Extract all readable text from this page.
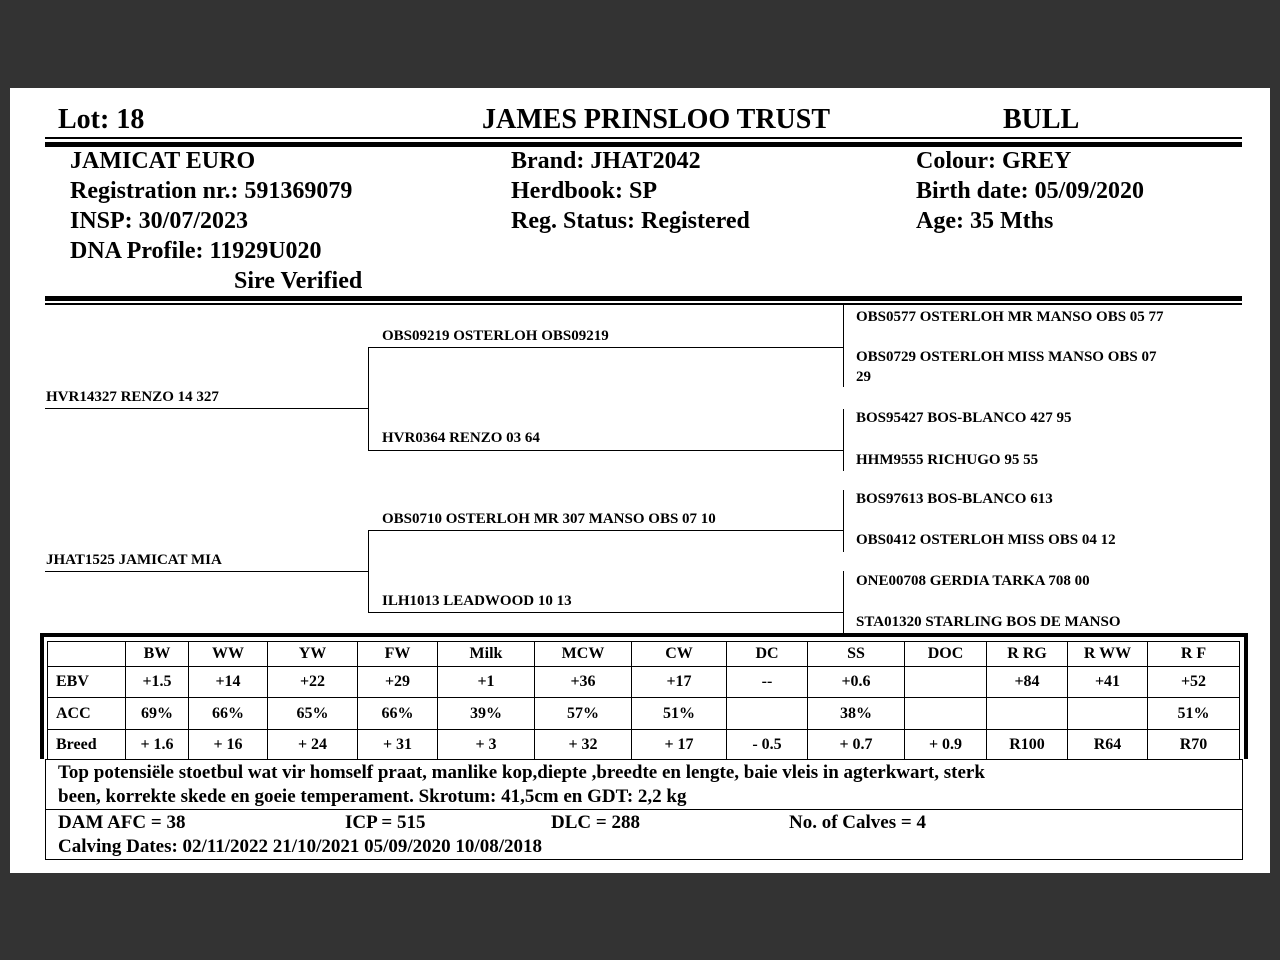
Lot: 18	JAMES PRINSLOO TRUST	BULL
JAMICAT EURO
Registration nr.: 591369079
INSP: 30/07/2023
DNA Profile: 11929U020
Sire Verified
Brand: JHAT2042
Herdbook: SP
Reg. Status: Registered
Colour: GREY
Birth date: 05/09/2020
Age: 35 Mths
HVR14327 RENZO 14 327
JHAT1525 JAMICAT MIA
OBS09219 OSTERLOH OBS09219
HVR0364 RENZO 03 64
OBS0710 OSTERLOH MR 307 MANSO OBS 07 10
ILH1013 LEADWOOD 10 13
OBS0577 OSTERLOH MR MANSO OBS 05 77
OBS0729 OSTERLOH MISS MANSO OBS 07
29
BOS95427 BOS-BLANCO 427 95
HHM9555 RICHUGO 95 55
BOS97613 BOS-BLANCO 613
OBS0412 OSTERLOH MISS OBS 04 12
ONE00708 GERDIA TARKA 708 00
STA01320 STARLING BOS DE MANSO
	BW	WW	YW	FW	Milk	MCW	CW	DC	SS	DOC	R RG	R WW	R F
EBV	+1.5	+14	+22	+29	+1	+36	+17	--	+0.6		+84	+41	+52
ACC	69%	66%	65%	66%	39%	57%	51%		38%				51%
Breed	+ 1.6	+ 16	+ 24	+ 31	+ 3	+ 32	+ 17	- 0.5	+ 0.7	+ 0.9	R100	R64	R70
Top potensiële stoetbul wat vir homself praat, manlike kop,diepte ,breedte en lengte, baie vleis in agterkwart, sterk
been, korrekte skede en goeie temperament. Skrotum: 41,5cm en GDT: 2,2 kg
DAM AFC = 38	ICP = 515	DLC = 288	No. of Calves = 4
Calving Dates: 02/11/2022 21/10/2021 05/09/2020 10/08/2018
